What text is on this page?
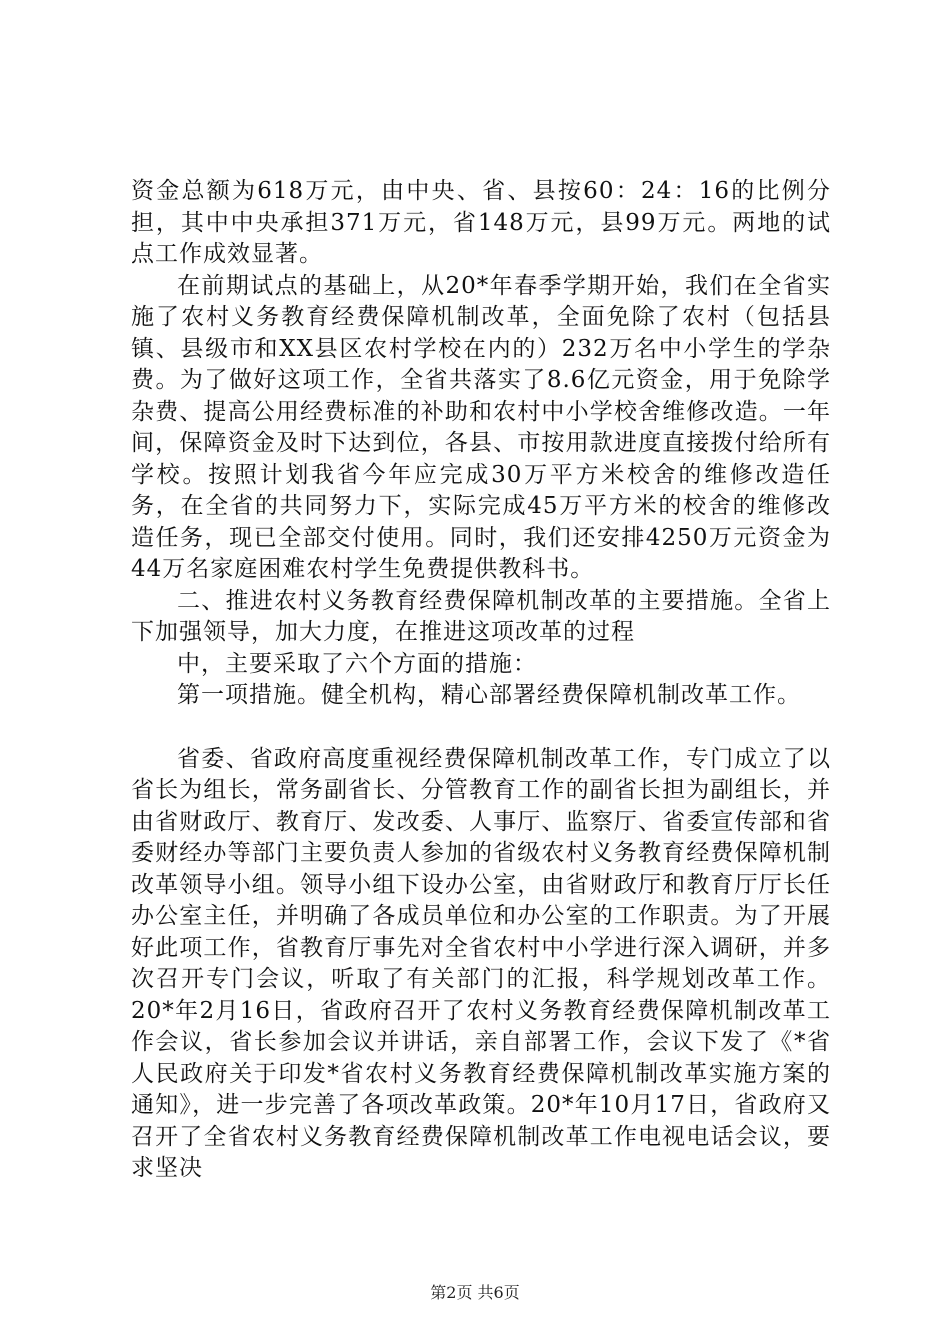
资金总额为618万元，由中央、省、县按60：24：16的比例分担，其中中央承担371万元，省148万元，县99万元。两地的试点工作成效显著。

在前期试点的基础上，从20*年春季学期开始，我们在全省实施了农村义务教育经费保障机制改革，全面免除了农村（包括县镇、县级市和XX县区农村学校在内的）232万名中小学生的学杂费。为了做好这项工作，全省共落实了8.6亿元资金，用于免除学杂费、提高公用经费标准的补助和农村中小学校舍维修改造。一年间，保障资金及时下达到位，各县、市按用款进度直接拨付给所有学校。按照计划我省今年应完成30万平方米校舍的维修改造任务，在全省的共同努力下，实际完成45万平方米的校舍的维修改造任务，现已全部交付使用。同时，我们还安排4250万元资金为44万名家庭困难农村学生免费提供教科书。

二、推进农村义务教育经费保障机制改革的主要措施。全省上下加强领导，加大力度，在推进这项改革的过程

中，主要采取了六个方面的措施：

第一项措施。健全机构，精心部署经费保障机制改革工作。

省委、省政府高度重视经费保障机制改革工作，专门成立了以省长为组长，常务副省长、分管教育工作的副省长担为副组长，并由省财政厅、教育厅、发改委、人事厅、监察厅、省委宣传部和省委财经办等部门主要负责人参加的省级农村义务教育经费保障机制改革领导小组。领导小组下设办公室，由省财政厅和教育厅厅长任办公室主任，并明确了各成员单位和办公室的工作职责。为了开展好此项工作，省教育厅事先对全省农村中小学进行深入调研，并多次召开专门会议，听取了有关部门的汇报，科学规划改革工作。20*年2月16日，省政府召开了农村义务教育经费保障机制改革工作会议，省长参加会议并讲话，亲自部署工作，会议下发了《*省人民政府关于印发*省农村义务教育经费保障机制改革实施方案的通知》，进一步完善了各项改革政策。20*年10月17日，省政府又召开了全省农村义务教育经费保障机制改革工作电视电话会议，要求坚决

第2页 共6页
